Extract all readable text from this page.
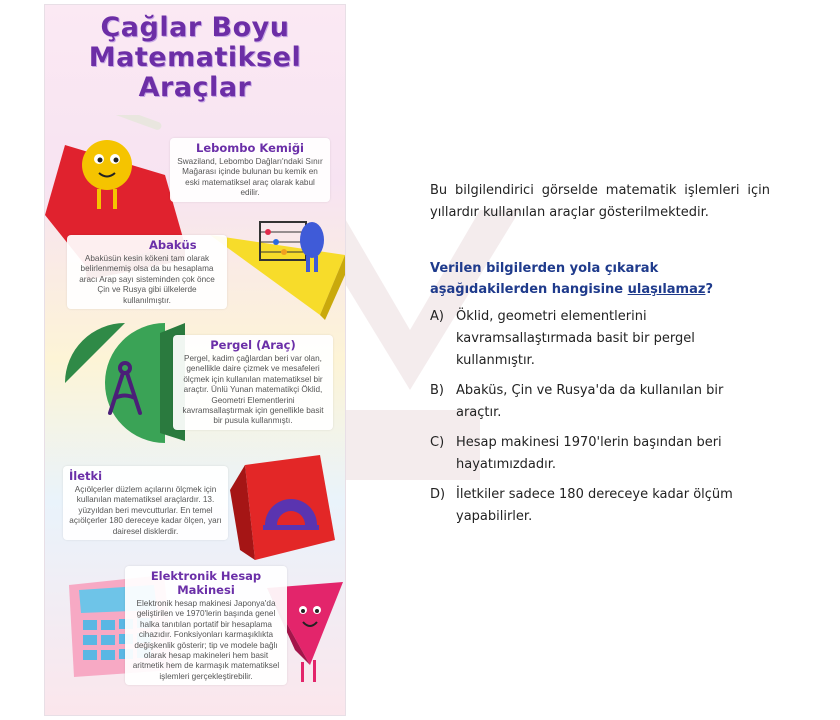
Çağlar Boyu
Matematiksel
Araçlar
Lebombo Kemiği

Swaziland, Lebombo Dağları'ndaki Sınır Mağarası içinde bulunan bu kemik en eski matematiksel araç olarak kabul edilir.

Abaküs

Abaküsün kesin kökeni tam olarak belirlenmemiş olsa da bu hesaplama aracı Arap sayı sisteminden çok önce Çin ve Rusya gibi ülkelerde kullanılmıştır.

Pergel (Araç)

Pergel, kadim çağlardan beri var olan, genellikle daire çizmek ve mesafeleri ölçmek için kullanılan matematiksel bir araçtır. Ünlü Yunan matematikçi Öklid, Geometri Elementlerini kavramsallaştırmak için genellikle basit bir pusula kullanmıştı.

İletki

Açıölçerler düzlem açılarını ölçmek için kullanılan matematiksel araçlardır. 13. yüzyıldan beri mevcutturlar. En temel açıölçerler 180 dereceye kadar ölçen, yarı dairesel disklerdir.

Elektronik Hesap Makinesi

Elektronik hesap makinesi Japonya'da geliştirilen ve 1970'lerin başında genel halka tanıtılan portatif bir hesaplama cihazıdır. Fonksiyonları karmaşıklıkta değişkenlik gösterir; tip ve modele bağlı olarak hesap makineleri hem basit aritmetik hem de karmaşık matematiksel işlemleri gerçekleştirebilir.

Bu bilgilendirici görselde matematik işlemleri için yıllardır kullanılan araçlar gösterilmektedir.
Verilen bilgilerden yola çıkarak aşağıdakilerden hangisine ulaşılamaz?
A) Öklid, geometri elementlerini kavramsallaştırmada basit bir pergel kullanmıştır.
B) Abaküs, Çin ve Rusya'da da kullanılan bir araçtır.
C) Hesap makinesi 1970'lerin başından beri hayatımızdadır.
D) İletkiler sadece 180 dereceye kadar ölçüm yapabilirler.
